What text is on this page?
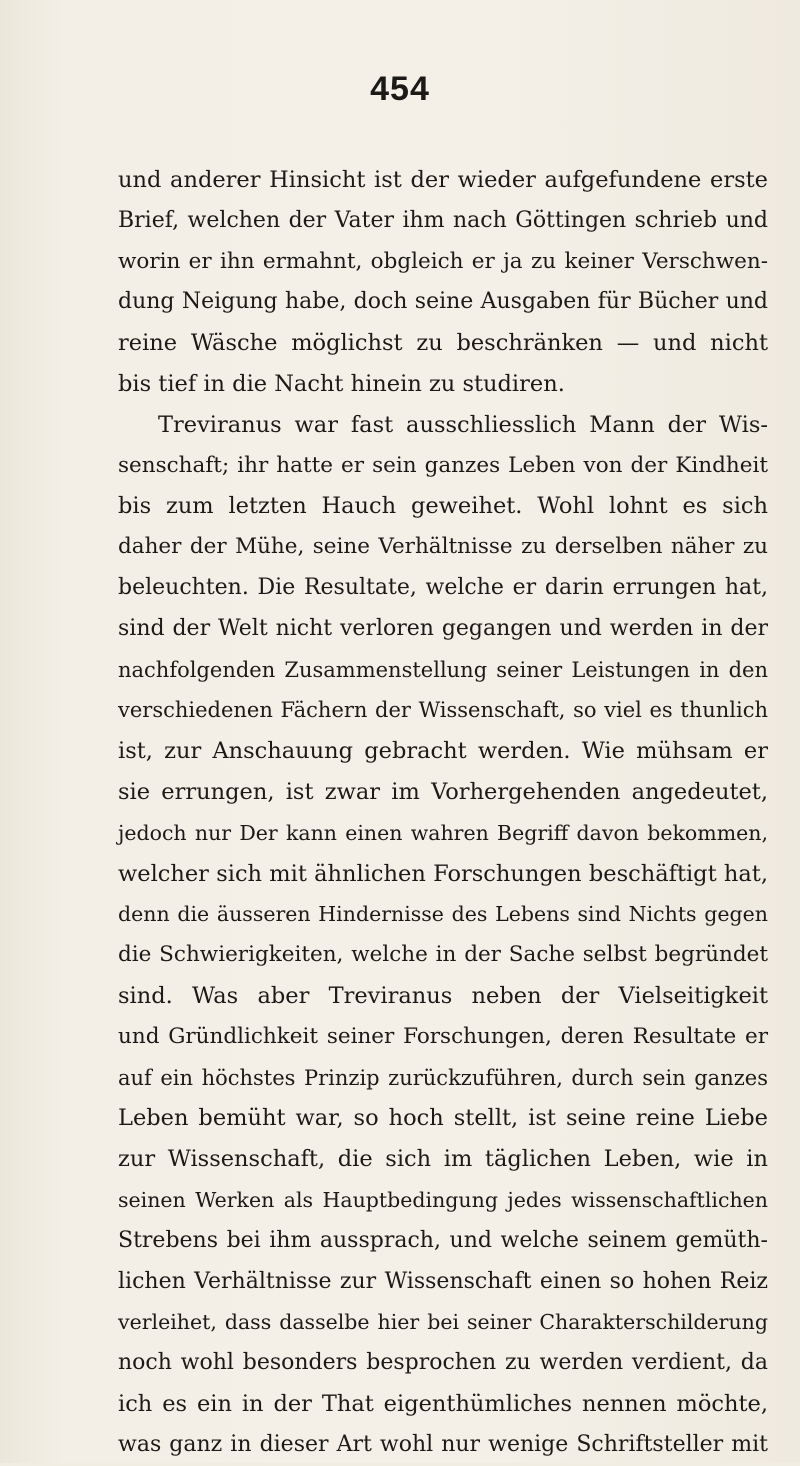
454
und anderer Hinsicht ist der wieder aufgefundene erste
Brief, welchen der Vater ihm nach Göttingen schrieb und
worin er ihn ermahnt, obgleich er ja zu keiner Verschwen-
dung Neigung habe, doch seine Ausgaben für Bücher und
reine Wäsche möglichst zu beschränken — und nicht
bis tief in die Nacht hinein zu studiren.
Treviranus war fast ausschliesslich Mann der Wis-
senschaft; ihr hatte er sein ganzes Leben von der Kindheit
bis zum letzten Hauch geweihet. Wohl lohnt es sich
daher der Mühe, seine Verhältnisse zu derselben näher zu
beleuchten. Die Resultate, welche er darin errungen hat,
sind der Welt nicht verloren gegangen und werden in der
nachfolgenden Zusammenstellung seiner Leistungen in den
verschiedenen Fächern der Wissenschaft, so viel es thunlich
ist, zur Anschauung gebracht werden. Wie mühsam er
sie errungen, ist zwar im Vorhergehenden angedeutet,
jedoch nur Der kann einen wahren Begriff davon bekommen,
welcher sich mit ähnlichen Forschungen beschäftigt hat,
denn die äusseren Hindernisse des Lebens sind Nichts gegen
die Schwierigkeiten, welche in der Sache selbst begründet
sind. Was aber Treviranus neben der Vielseitigkeit
und Gründlichkeit seiner Forschungen, deren Resultate er
auf ein höchstes Prinzip zurückzuführen, durch sein ganzes
Leben bemüht war, so hoch stellt, ist seine reine Liebe
zur Wissenschaft, die sich im täglichen Leben, wie in
seinen Werken als Hauptbedingung jedes wissenschaftlichen
Strebens bei ihm aussprach, und welche seinem gemüth-
lichen Verhältnisse zur Wissenschaft einen so hohen Reiz
verleihet, dass dasselbe hier bei seiner Charakterschilderung
noch wohl besonders besprochen zu werden verdient, da
ich es ein in der That eigenthümliches nennen möchte,
was ganz in dieser Art wohl nur wenige Schriftsteller mit
